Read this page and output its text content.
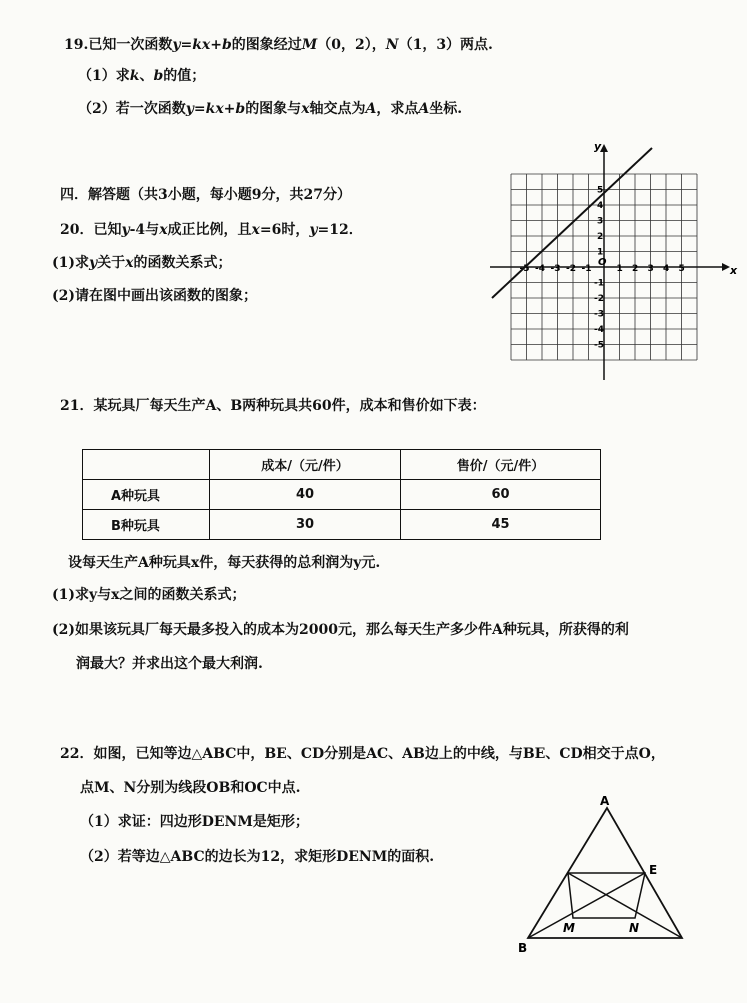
19.已知一次函数y=kx+b的图象经过M（0，2），N（1，3）两点.
（1）求k、b的值；
（2）若一次函数y=kx+b的图象与x轴交点为A，求点A坐标.
四．解答题（共3小题，每小题9分，共27分）
20．已知y-4与x成正比例，且x=6时，y=12．
(1)求y关于x的函数关系式；
(2)请在图中画出该函数的图象；
y
x
O
-5 -4 -3 -2 -1	1 2 3 4 5
5
4
3
2
1
-1
-2
-3
-4
-5
21．某玩具厂每天生产A、B两种玩具共60件，成本和售价如下表：
	成本/（元/件）	售价/（元/件）
A种玩具	40	60
B种玩具	30	45
设每天生产A种玩具x件，每天获得的总利润为y元.
(1)求y与x之间的函数关系式；
(2)如果该玩具厂每天最多投入的成本为2000元，那么每天生产多少件A种玩具，所获得的利
润最大？并求出这个最大利润.
22．如图，已知等边△ABC中，BE、CD分别是AC、AB边上的中线，与BE、CD相交于点O，
点M、N分别为线段OB和OC中点.
（1）求证：四边形DENM是矩形；
（2）若等边△ABC的边长为12，求矩形DENM的面积.
A
B
E
M	N
